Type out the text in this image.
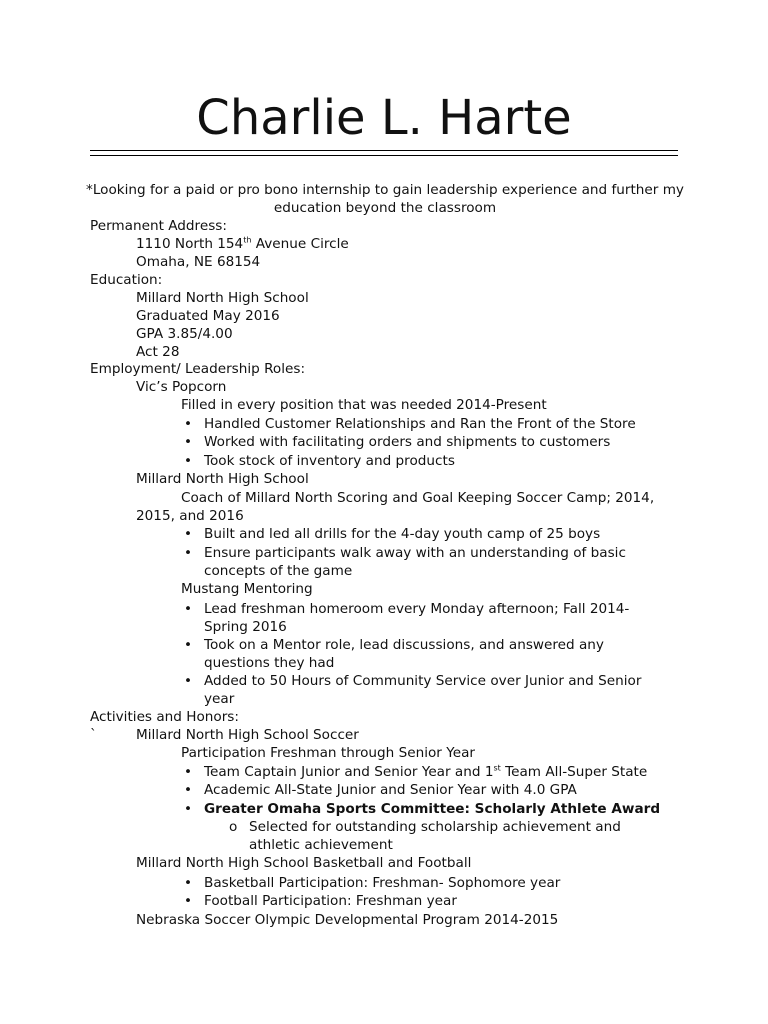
Charlie L. Harte

*Looking for a paid or pro bono internship to gain leadership experience and further my education beyond the classroom

Permanent Address:

1110 North 154th Avenue Circle

Omaha, NE 68154

Education:

Millard North High School

Graduated May 2016

GPA 3.85/4.00

Act 28

Employment/ Leadership Roles:

Vic’s Popcorn

Filled in every position that was needed 2014-Present

• Handled Customer Relationships and Ran the Front of the Store

• Worked with facilitating orders and shipments to customers

• Took stock of inventory and products

Millard North High School

Coach of Millard North Scoring and Goal Keeping Soccer Camp; 2014,

2015, and 2016

• Built and led all drills for the 4-day youth camp of 25 boys

• Ensure participants walk away with an understanding of basic

concepts of the game

Mustang Mentoring

• Lead freshman homeroom every Monday afternoon; Fall 2014-

Spring 2016

• Took on a Mentor role, lead discussions, and answered any

questions they had

• Added to 50 Hours of Community Service over Junior and Senior

year

Activities and Honors:

`	Millard North High School Soccer

Participation Freshman through Senior Year

• Team Captain Junior and Senior Year and 1st Team All-Super State

• Academic All-State Junior and Senior Year with 4.0 GPA

• Greater Omaha Sports Committee: Scholarly Athlete Award

o Selected for outstanding scholarship achievement and

athletic achievement

Millard North High School Basketball and Football

• Basketball Participation: Freshman- Sophomore year

• Football Participation: Freshman year

Nebraska Soccer Olympic Developmental Program 2014-2015
